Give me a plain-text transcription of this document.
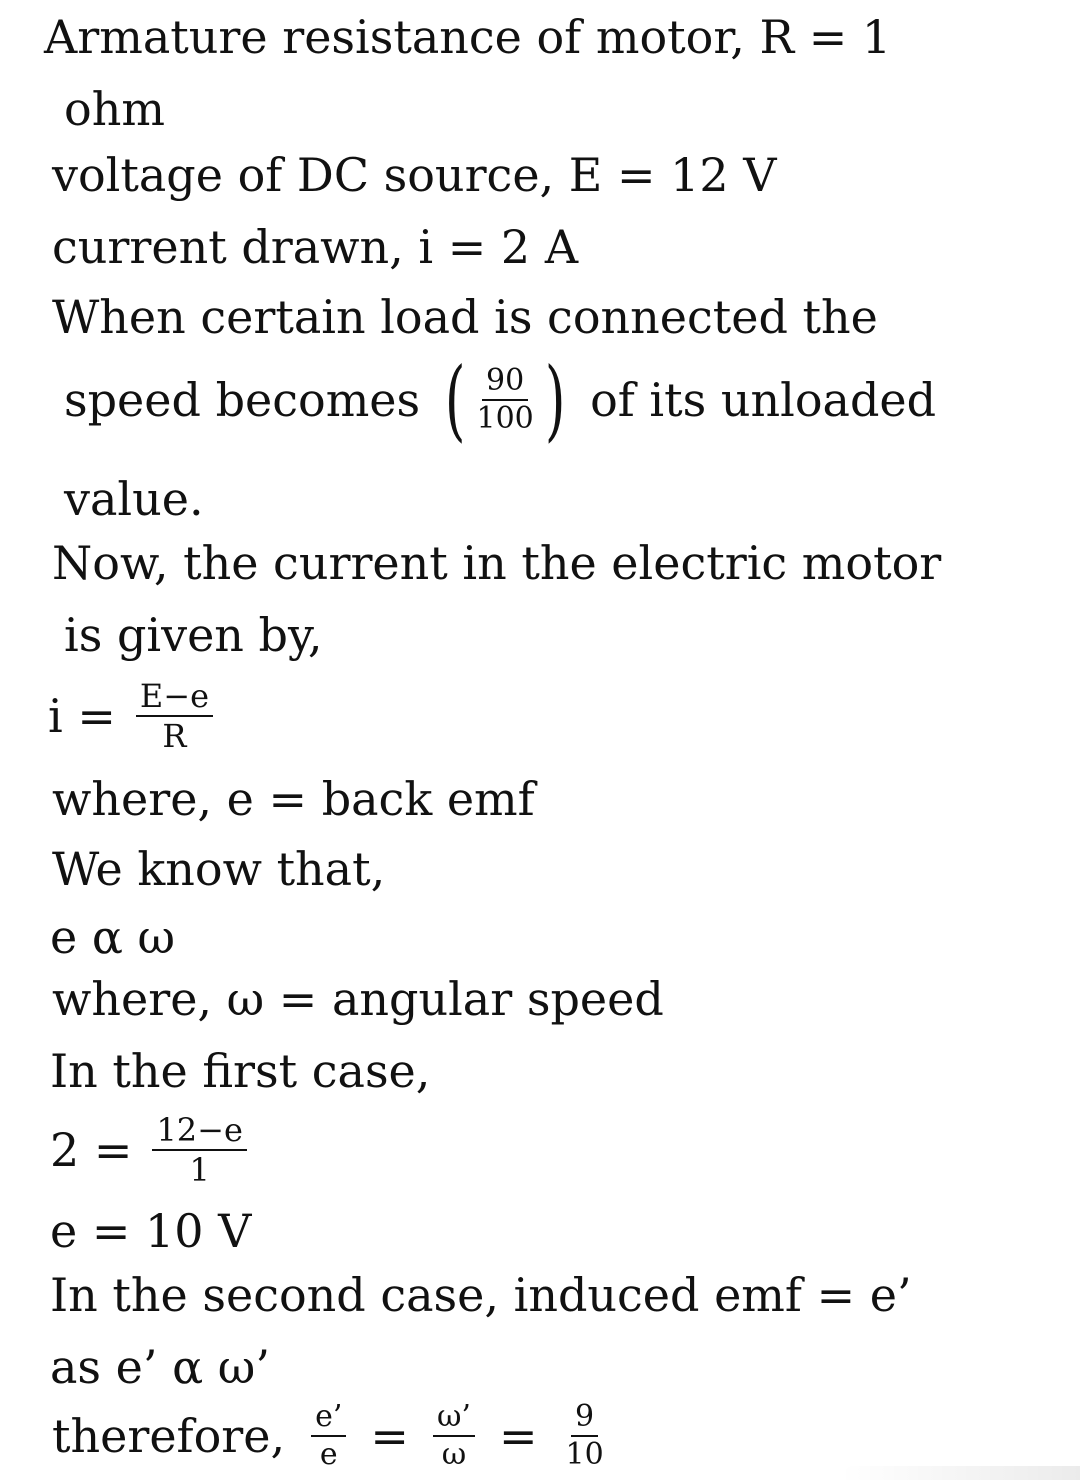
Armature resistance of motor, R = 1
ohm
voltage of DC source, E = 12 V
current drawn, i = 2 A
When certain load is connected the
speed becomes ( $\frac{90}{100}$ ) of its unloaded
value.
Now, the current in the electric motor
is given by,
$i = \frac{E-e}{R}$
where, e = back emf
We know that,
e α ω
where, ω = angular speed
In the first case,
$2 = \frac{12-e}{1}$
e = 10 V
In the second case, induced emf = e’
as e’ α ω’
therefore, $\frac{e’}{e} = \frac{\omega’}{\omega} = \frac{9}{10}$
